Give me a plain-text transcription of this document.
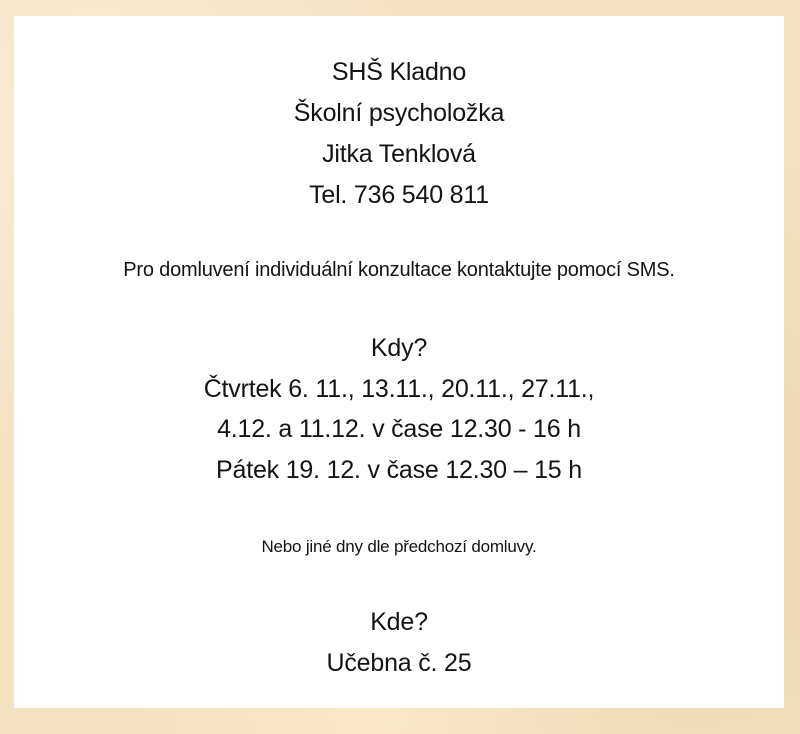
SHŠ Kladno
Školní psycholožka
Jitka Tenklová
Tel. 736 540 811
Pro domluvení individuální konzultace kontaktujte pomocí SMS.
Kdy?
Čtvrtek 6. 11., 13.11., 20.11., 27.11.,
4.12. a 11.12. v čase 12.30 - 16 h
Pátek 19. 12. v čase 12.30 – 15 h
Nebo jiné dny dle předchozí domluvy.
Kde?
Učebna č. 25
